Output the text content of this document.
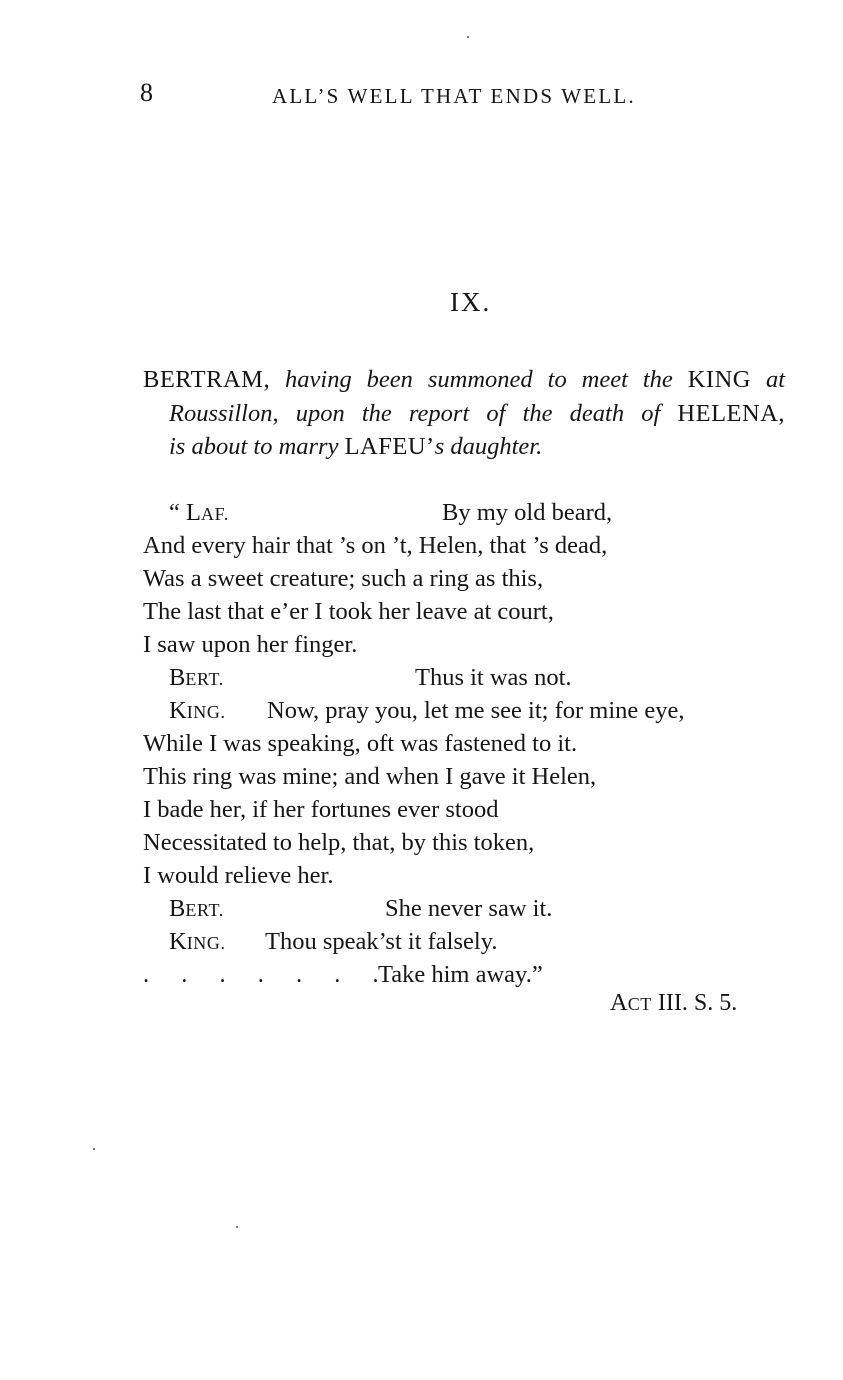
8	ALL’S WELL THAT ENDS WELL.
IX.
BERTRAM, having been summoned to meet the KING at
Roussillon, upon the report of the death of HELENA,
is about to marry LAFEU’s daughter.
“ LAF.	By my old beard,
And every hair that ’s on ’t, Helen, that ’s dead,
Was a sweet creature; such a ring as this,
The last that e’er I took her leave at court,
I saw upon her finger.
BERT.	Thus it was not.
KING. Now, pray you, let me see it; for mine eye,
While I was speaking, oft was fastened to it.
This ring was mine; and when I gave it Helen,
I bade her, if her fortunes ever stood
Necessitated to help, that, by this token,
I would relieve her.
BERT.	She never saw it.
KING. Thou speak’st it falsely.
. . . . . . .
Take him away.”
ACT III. S. 5.
